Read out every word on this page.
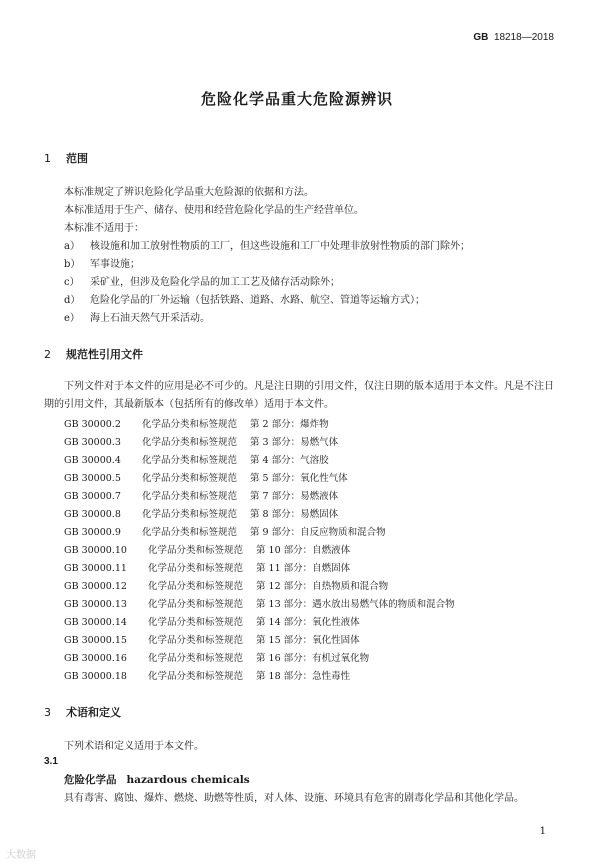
GB 18218—2018
危险化学品重大危险源辨识
1 范围
本标准规定了辨识危险化学品重大危险源的依据和方法。
本标准适用于生产、储存、使用和经营危险化学品的生产经营单位。
本标准不适用于：
a） 核设施和加工放射性物质的工厂，但这些设施和工厂中处理非放射性物质的部门除外；
b） 军事设施；
c） 采矿业，但涉及危险化学品的加工工艺及储存活动除外；
d） 危险化学品的厂外运输（包括铁路、道路、水路、航空、管道等运输方式）；
e） 海上石油天然气开采活动。
2 规范性引用文件
下列文件对于本文件的应用是必不可少的。凡是注日期的引用文件，仅注日期的版本适用于本文件。凡是不注日期的引用文件，其最新版本（包括所有的修改单）适用于本文件。
GB 30000.2 化学品分类和标签规范 第 2 部分：爆炸物
GB 30000.3 化学品分类和标签规范 第 3 部分：易燃气体
GB 30000.4 化学品分类和标签规范 第 4 部分：气溶胶
GB 30000.5 化学品分类和标签规范 第 5 部分：氧化性气体
GB 30000.7 化学品分类和标签规范 第 7 部分：易燃液体
GB 30000.8 化学品分类和标签规范 第 8 部分：易燃固体
GB 30000.9 化学品分类和标签规范 第 9 部分：自反应物质和混合物
GB 30000.10 化学品分类和标签规范 第 10 部分：自燃液体
GB 30000.11 化学品分类和标签规范 第 11 部分：自燃固体
GB 30000.12 化学品分类和标签规范 第 12 部分：自热物质和混合物
GB 30000.13 化学品分类和标签规范 第 13 部分：遇水放出易燃气体的物质和混合物
GB 30000.14 化学品分类和标签规范 第 14 部分：氧化性液体
GB 30000.15 化学品分类和标签规范 第 15 部分：氧化性固体
GB 30000.16 化学品分类和标签规范 第 16 部分：有机过氧化物
GB 30000.18 化学品分类和标签规范 第 18 部分：急性毒性
3 术语和定义
下列术语和定义适用于本文件。
3.1
危险化学品 hazardous chemicals
具有毒害、腐蚀、爆炸、燃烧、助燃等性质，对人体、设施、环境具有危害的剧毒化学品和其他化学品。
1
大数据
